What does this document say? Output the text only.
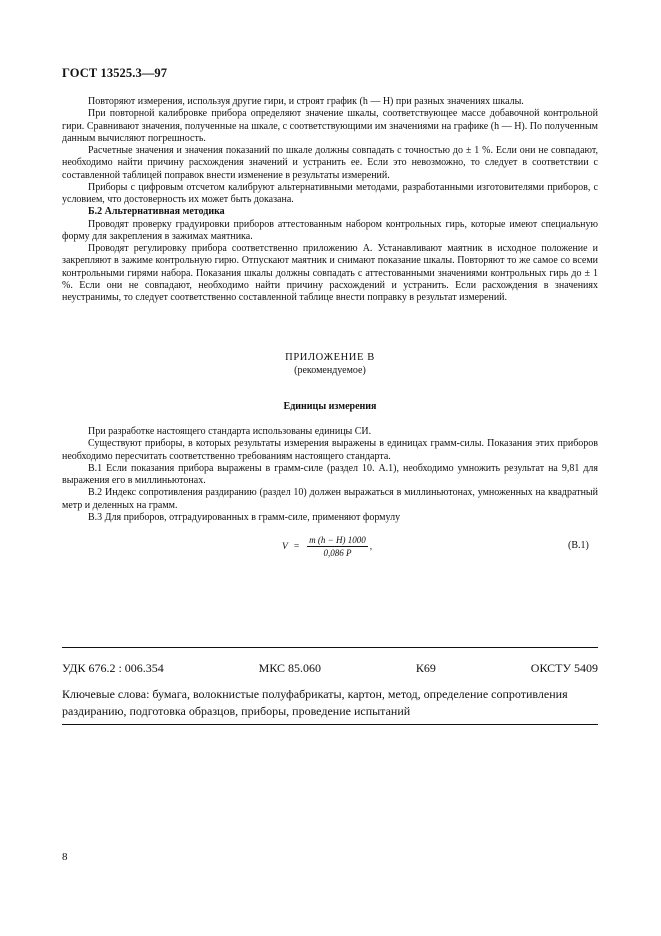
ГОСТ 13525.3—97

Повторяют измерения, используя другие гири, и строят график (h — H) при разных значениях шкалы.

При повторной калибровке прибора определяют значение шкалы, соответствующее массе добавочной контрольной гири. Сравнивают значения, полученные на шкале, с соответствующими им значениями на графике (h — H). По полученным данным вычисляют погрешность.

Расчетные значения и значения показаний по шкале должны совпадать с точностью до ± 1 %. Если они не совпадают, необходимо найти причину расхождения значений и устранить ее. Если это невозможно, то следует в соответствии с составленной таблицей поправок внести изменение в результаты измерений.

Приборы с цифровым отсчетом калибруют альтернативными методами, разработанными изготовителями приборов, с условием, что достоверность их может быть доказана.

Б.2 Альтернативная методика

Проводят проверку градуировки приборов аттестованным набором контрольных гирь, которые имеют специальную форму для закрепления в зажимах маятника.

Проводят регулировку прибора соответственно приложению А. Устанавливают маятник в исходное положение и закрепляют в зажиме контрольную гирю. Отпускают маятник и снимают показание шкалы. Повторяют то же самое со всеми контрольными гирями набора. Показания шкалы должны совпадать с аттестованными значениями контрольных гирь до ± 1 %. Если они не совпадают, необходимо найти причину расхождений и устранить. Если расхождения в значениях неустранимы, то следует соответственно составленной таблице внести поправку в результат измерений.

ПРИЛОЖЕНИЕ В
(рекомендуемое)
Единицы измерения

При разработке настоящего стандарта использованы единицы СИ.

Существуют приборы, в которых результаты измерения выражены в единицах грамм-силы. Показания этих приборов необходимо пересчитать соответственно требованиям настоящего стандарта.

В.1 Если показания прибора выражены в грамм-силе (раздел 10. А.1), необходимо умножить результат на 9,81 для выражения его в миллиньютонах.

В.2 Индекс сопротивления раздиранию (раздел 10) должен выражаться в миллиньютонах, умноженных на квадратный метр и деленных на грамм.

В.3 Для приборов, отградуированных в грамм-силе, применяют формулу

$V = \frac{m (h - H) 1000}{0,086 P}$ ,	(В.1)
УДК 676.2 : 006.354	МКС 85.060	К69	ОКСТУ 5409
Ключевые слова: бумага, волокнистые полуфабрикаты, картон, метод, определение сопротивления раздиранию, подготовка образцов, приборы, проведение испытаний
8
